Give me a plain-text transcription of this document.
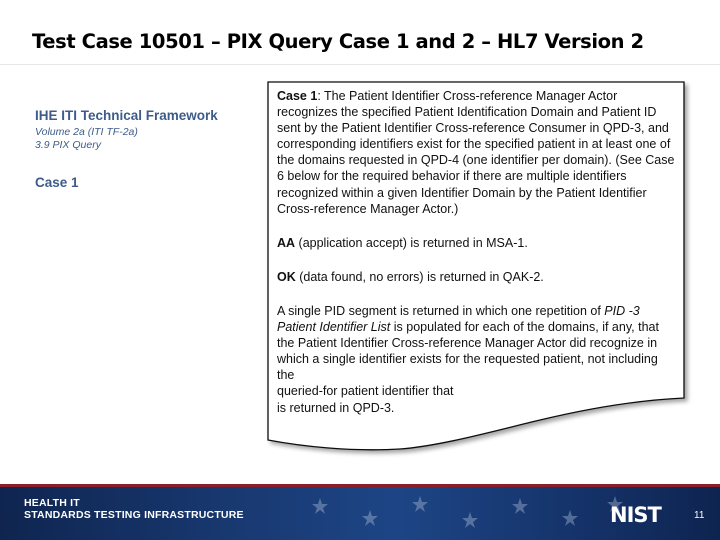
Test Case 10501 – PIX Query Case 1 and 2 – HL7 Version 2

IHE ITI Technical Framework

Volume 2a (ITI TF-2a)

3.9 PIX Query

Case 1

Case 1: The Patient Identifier Cross-reference Manager Actor recognizes the specified Patient Identification Domain and Patient ID sent by the Patient Identifier Cross-reference Consumer in QPD-3, and corresponding identifiers exist for the specified patient in at least one of the domains requested in QPD-4 (one identifier per domain). (See Case 6 below for the required behavior if there are multiple identifiers recognized within a given Identifier Domain by the Patient Identifier Cross-reference Manager Actor.)

AA (application accept) is returned in MSA-1.

OK (data found, no errors) is returned in QAK-2.

A single PID segment is returned in which one repetition of PID -3 Patient Identifier List is populated for each of the domains, if any, that the Patient Identifier Cross-reference Manager Actor did recognize in which a single identifier exists for the requested patient, not including the
queried-for patient identifier that
is returned in QPD-3.

HEALTH IT
STANDARDS TESTING INFRASTRUCTURE	NIST	11
